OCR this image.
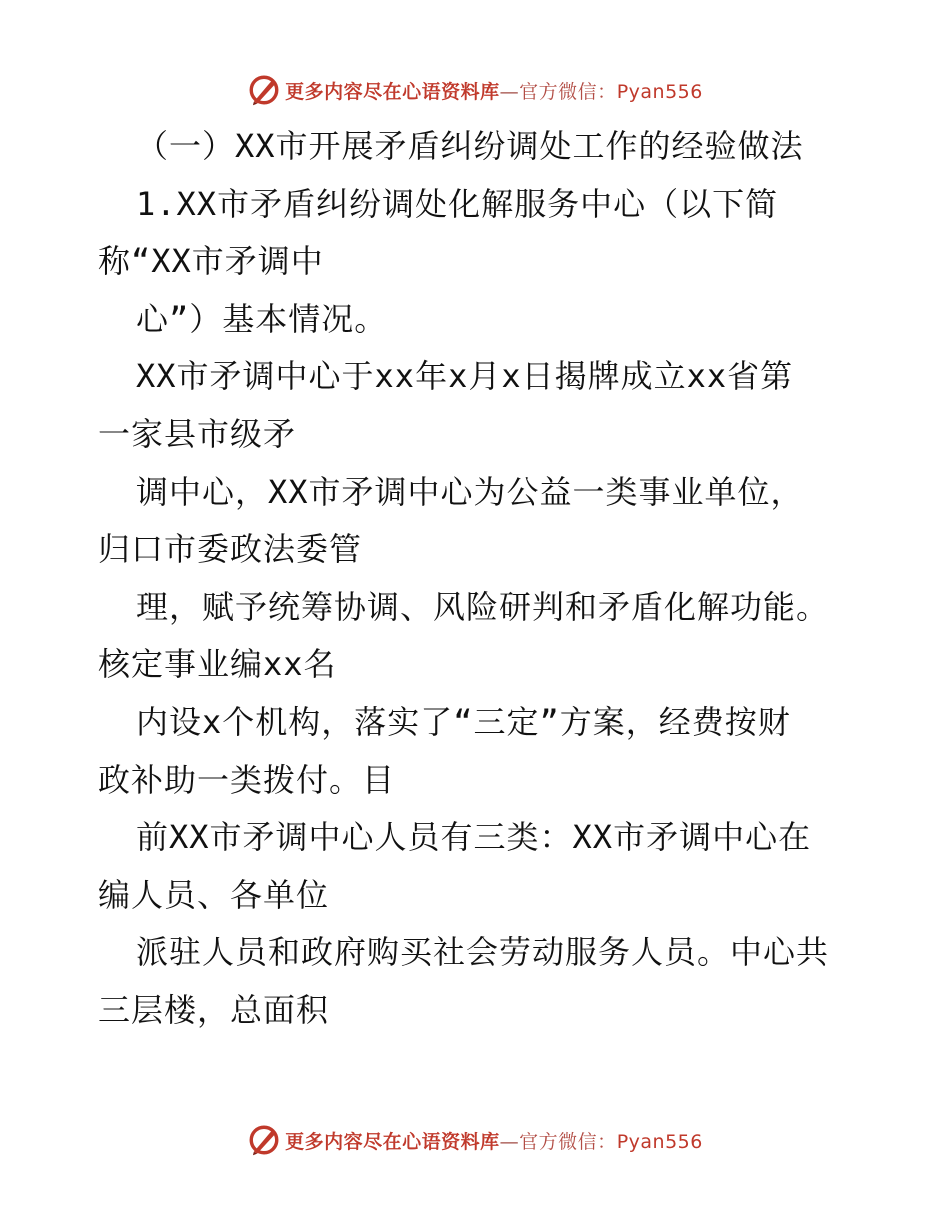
更多内容尽在心语资料库—官方微信：Pyan556
（一）XX市开展矛盾纠纷调处工作的经验做法
1.XX市矛盾纠纷调处化解服务中心（以下简
称“XX市矛调中
心”）基本情况。
XX市矛调中心于xx年x月x日揭牌成立xx省第
一家县市级矛
调中心，XX市矛调中心为公益一类事业单位，
归口市委政法委管
理，赋予统筹协调、风险研判和矛盾化解功能。
核定事业编xx名
内设x个机构，落实了“三定”方案，经费按财
政补助一类拨付。目
前XX市矛调中心人员有三类：XX市矛调中心在
编人员、各单位
派驻人员和政府购买社会劳动服务人员。中心共
三层楼，总面积
更多内容尽在心语资料库—官方微信：Pyan556
